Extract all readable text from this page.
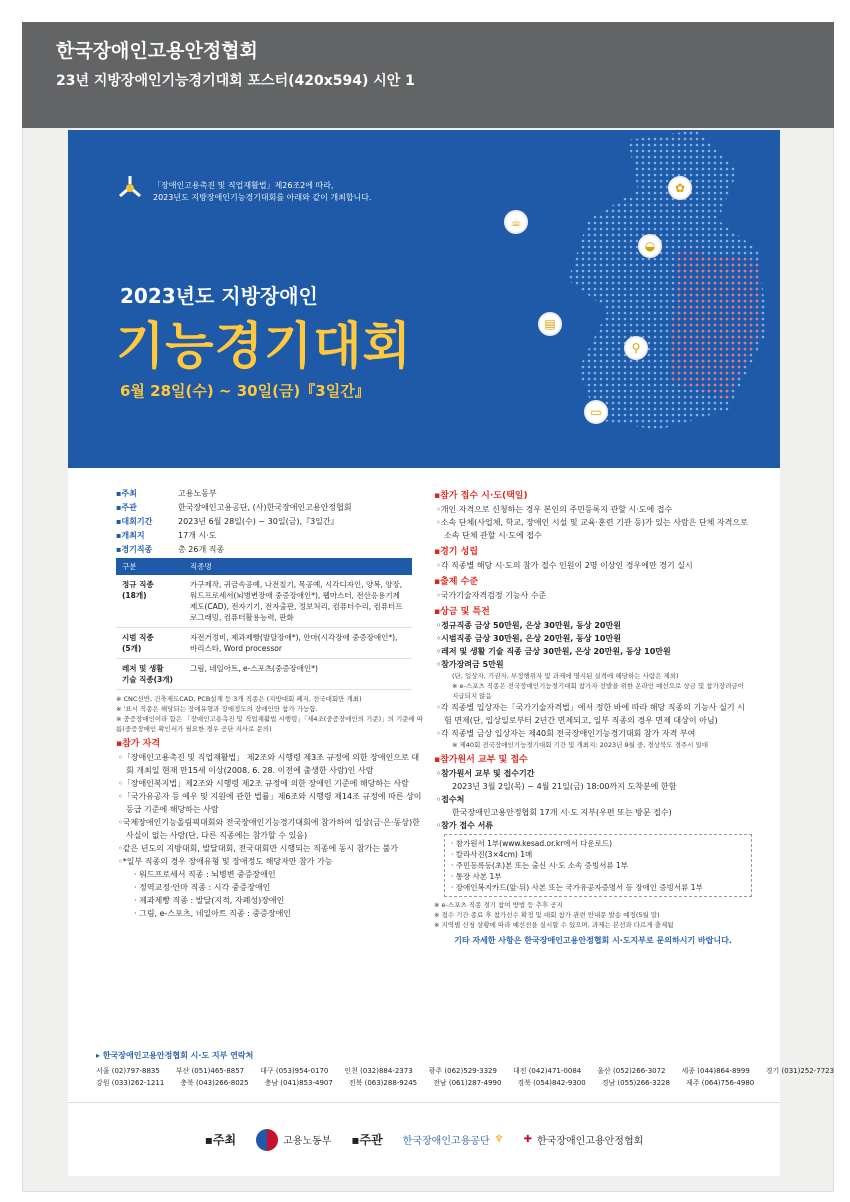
한국장애인고용안정협회
23년 지방장애인기능경기대회 포스터(420x594) 시안 1
「장애인고용촉진 및 직업재활법」제26조2에 따라,
2023년도 지방장애인기능경기대회를 아래와 같이 개최합니다.
2023년도 지방장애인
기능경기대회
6월 28일(수) ~ 30일(금)『3일간』
☕
✿
◒
▤
⚲
▭
▪주최	고용노동부
▪주관	한국장애인고용공단, (사)한국장애인고용안정협회
▪대회기간	2023년 6월 28일(수) ~ 30일(금),『3일간』
▪개최지	17개 시·도
▪경기직종	총 26개 직종
구분	직종명
정규 직종
(18개)	가구제작, 귀금속공예, 나전칠기, 목공예, 시각디자인, 양복, 양장, 워드프로세서(뇌병변장애 중증장애인*), 웹마스터, 전산응용기계제도(CAD), 전자기기, 전자출판, 정보처리, 컴퓨터수리, 컴퓨터프로그래밍, 컴퓨터활용능력, 판화
시범 직종
(5개)	자전거정비, 제과제빵(발달장애*), 안마(시각장애 중증장애인*), 바리스타, Word processor
레저 및 생활
기술 직종(3개)	그림, 네일아트, e-스포츠(중증장애인*)
※ CNC선반, 건축제도CAD, PCB설계 등 3개 직종은 (지방대회 폐지, 전국대회만 개최)
※ '표시 직종은 해당되는 장애유형과 장애정도의 장애인만 참가 가능함.
※ 중증장애인이라 함은 「장애인고용촉진 및 직업재활법 시행령」「제4조(중증장애인의 기준)」의 기준에 따름(중증장애인 확인서가 필요한 경우 공단 지사로 문의)
▪참가 자격
◦「장애인고용촉진 및 직업재활법」 제2조와 시행령 제3조 규정에 의한 장애인으로 대회 개최일 현재 만15세 이상(2008. 6. 28. 이전에 출생한 사람)인 사람
◦「장애인복지법」제2조와 시행령 제2조 규정에 의한 장애인 기준에 해당하는 사람
◦「국가유공자 등 예우 및 지원에 관한 법률」제6조와 시행령 제14조 규정에 따른 상이 등급 기준에 해당하는 사람
◦국제장애인기능올림픽대회와 전국장애인기능경기대회에 참가하여 입상(금·은·동상)한 사실이 없는 사람(단, 다른 직종에는 참가할 수 있음)
◦같은 년도의 지방대회, 발달대회, 전국대회만 시행되는 직종에 동시 참가는 불가
◦*일부 직종의 경우 장애유형 및 장애정도 해당자만 참가 가능
· 워드프로세서 직종 : 뇌병변 중증장애인
· 정역교정·안마 직종 : 시각 중증장애인
· 제과제빵 직종 : 발달(지적, 자폐성)장애인
· 그림, e-스포츠, 네일아트 직종 : 중증장애인
▪참가 접수 시·도(택일)
◦개인 자격으로 신청하는 경우 본인의 주민등록지 관할 시·도에 접수
◦소속 단체(사업체, 학교, 장애인 시설 및 교육·훈련 기관 등)가 있는 사람은 단체 자격으로 소속 단체 관할 시·도에 접수
▪경기 성립
◦각 직종별 해당 시·도의 참가 접수 인원이 2명 이상인 경우에만 경기 실시
▪출제 수준
◦국가기술자격검정 기능사 수준
▪상금 및 특전
◦정규직종 금상 50만원, 은상 30만원, 동상 20만원
◦시범직종 금상 30만원, 은상 20만원, 동상 10만원
◦레저 및 생활 기술 직종 금상 30만원, 은상 20만원, 동상 10만원
◦참가장려금 5만원
(단, 입상자, 기권자, 부정행위자 및 과제에 명시된 실격에 해당하는 사람은 제외)
※ e-스포츠 직종은 전국장애인기능경기대회 참가자 선발을 위한 온라인 예선으로 상금 및 참가장려금이 지급되지 않음
◦각 직종별 입상자는「국가기술자격법」에서 정한 바에 따라 해당 직종의 기능사 실기 시험 면제(단, 입상일로부터 2년간 면제되고, 일부 직종의 경우 면제 대상이 아님)
◦각 직종별 금상 입상자는 제40회 전국장애인기능경기대회 참가 자격 부여
※ 제40회 전국장애인기능경기대회 기간 및 개최지: 2023년 9월 중, 경상북도 경주시 일대
▪참가원서 교부 및 접수
◦참가원서 교부 및 접수기간
2023년 3월 2일(목) ~ 4월 21일(금) 18:00까지 도착분에 한함
◦접수처
한국장애인고용안정협회 17개 시·도 지부(우편 또는 방문 접수)
◦참가 접수 서류
· 참가원서 1부(www.kesad.or.kr에서 다운로드)
· 칼라사진(3×4cm) 1매
· 주민등록등(초)본 또는 출신 시·도 소속 증빙서류 1부
· 통장 사본 1부
· 장애인복지카드(앞·뒤) 사본 또는 국가유공자증명서 등 장애인 증빙서류 1부
※ e-스포츠 직종 경기 참여 방법 등 추후 공지
※ 접수 기간 종료 후 참가선수 확정 및 대회 참가 관련 안내문 발송 예정(5월 말)
※ 지역별 신청 상황에 따라 예선전을 실시할 수 있으며, 과제는 본선과 다르게 출제됨
기타 자세한 사항은 한국장애인고용안정협회 시·도지부로 문의하시기 바랍니다.
▸ 한국장애인고용안정협회 시·도 지부 연락처
서울 (02)797-8835 부산 (051)465-8857 대구 (053)954-0170 인천 (032)884-2373 광주 (062)529-3329 대전 (042)471-0084 울산 (052)266-3072 세종 (044)864-8999 경기 (031)252-7723
강원 (033)262-1211 충북 (043)266-8025 충남 (041)853-4907 전북 (063)288-9245 전남 (061)287-4990 경북 (054)842-9300 경남 (055)266-3228 제주 (064)756-4980
▪주최	고용노동부 ▪주관 한국장애인고용공단 ♆ ✚ 한국장애인고용안정협회
